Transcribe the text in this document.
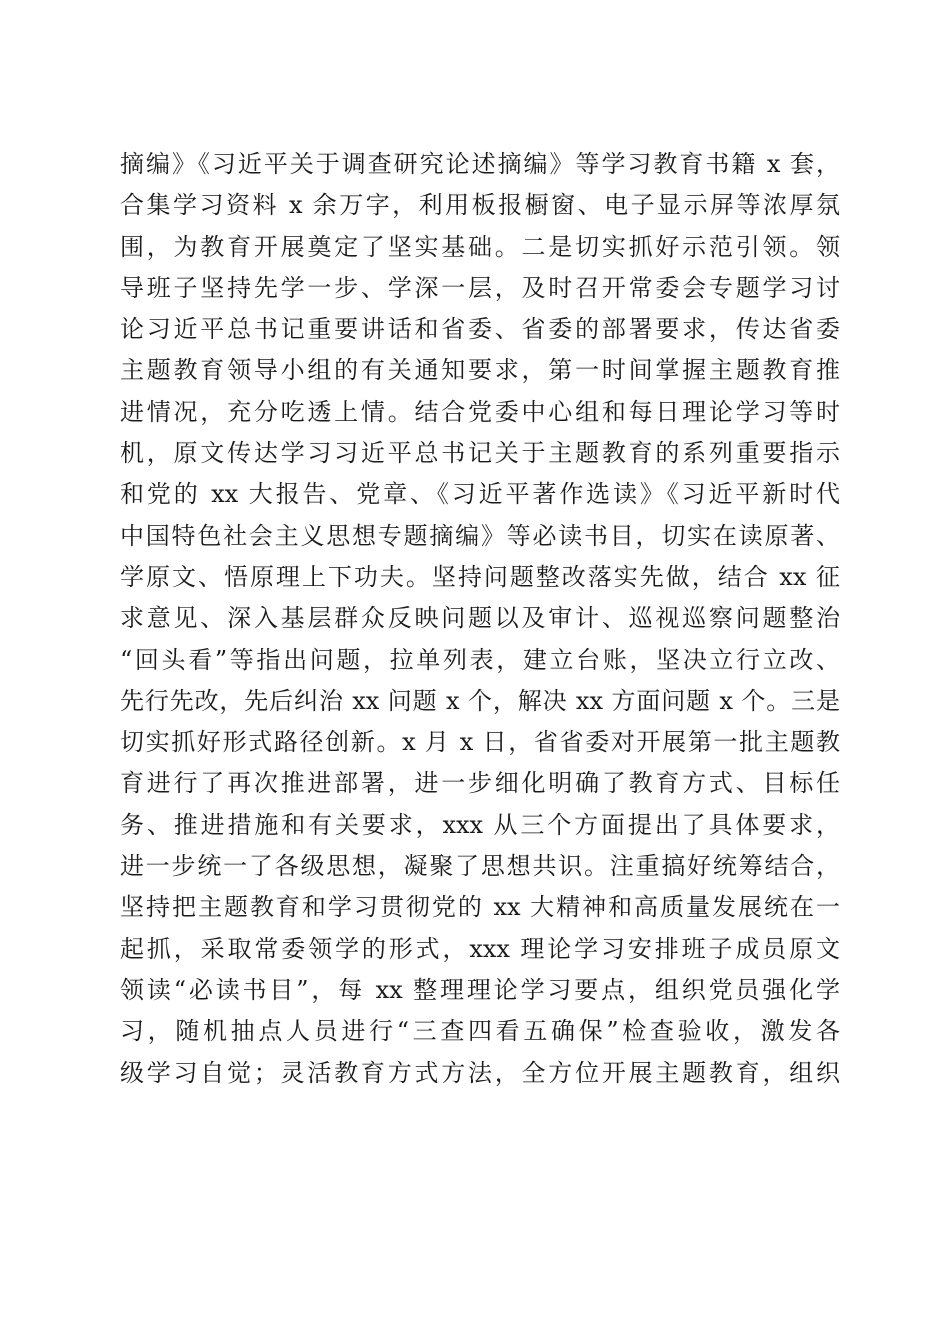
摘编》《习近平关于调查研究论述摘编》等学习教育书籍 x 套，
合集学习资料 x 余万字，利用板报橱窗、电子显示屏等浓厚氛
围，为教育开展奠定了坚实基础。二是切实抓好示范引领。领
导班子坚持先学一步、学深一层，及时召开常委会专题学习讨
论习近平总书记重要讲话和省委、省委的部署要求，传达省委
主题教育领导小组的有关通知要求，第一时间掌握主题教育推
进情况，充分吃透上情。结合党委中心组和每日理论学习等时
机，原文传达学习习近平总书记关于主题教育的系列重要指示
和党的 xx 大报告、党章、《习近平著作选读》《习近平新时代
中国特色社会主义思想专题摘编》等必读书目，切实在读原著、
学原文、悟原理上下功夫。坚持问题整改落实先做，结合 xx 征
求意见、深入基层群众反映问题以及审计、巡视巡察问题整治
“回头看”等指出问题，拉单列表，建立台账，坚决立行立改、
先行先改，先后纠治 xx 问题 x 个，解决 xx 方面问题 x 个。三是
切实抓好形式路径创新。x 月 x 日，省省委对开展第一批主题教
育进行了再次推进部署，进一步细化明确了教育方式、目标任
务、推进措施和有关要求，xxx 从三个方面提出了具体要求，
进一步统一了各级思想，凝聚了思想共识。注重搞好统筹结合，
坚持把主题教育和学习贯彻党的 xx 大精神和高质量发展统在一
起抓，采取常委领学的形式，xxx 理论学习安排班子成员原文
领读“必读书目”，每 xx 整理理论学习要点，组织党员强化学
习，随机抽点人员进行“三查四看五确保”检查验收，激发各
级学习自觉；灵活教育方式方法，全方位开展主题教育，组织
